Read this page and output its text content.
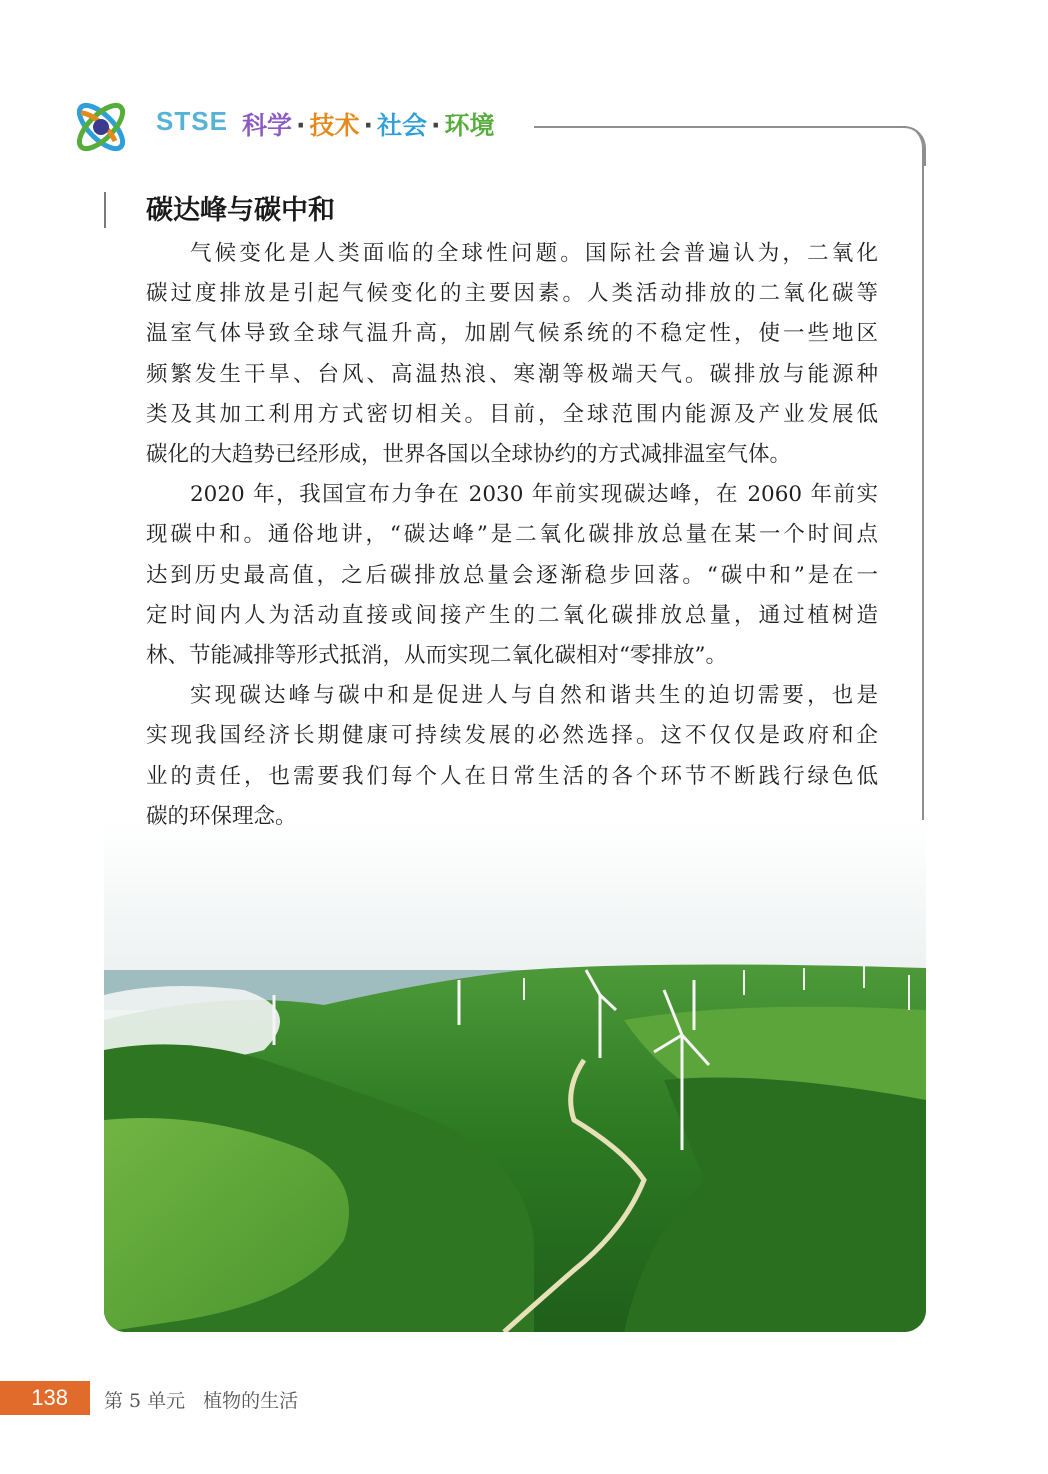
STSE 科学 · 技术 · 社会 · 环境
碳达峰与碳中和
气候变化是人类面临的全球性问题。国际社会普遍认为，二氧化
碳过度排放是引起气候变化的主要因素。人类活动排放的二氧化碳等
温室气体导致全球气温升高，加剧气候系统的不稳定性，使一些地区
频繁发生干旱、台风、高温热浪、寒潮等极端天气。碳排放与能源种
类及其加工利用方式密切相关。目前，全球范围内能源及产业发展低
碳化的大趋势已经形成，世界各国以全球协约的方式减排温室气体。
2020 年，我国宣布力争在 2030 年前实现碳达峰，在 2060 年前实
现碳中和。通俗地讲，“碳达峰”是二氧化碳排放总量在某一个时间点
达到历史最高值，之后碳排放总量会逐渐稳步回落。“碳中和”是在一
定时间内人为活动直接或间接产生的二氧化碳排放总量，通过植树造
林、节能减排等形式抵消，从而实现二氧化碳相对“零排放”。
实现碳达峰与碳中和是促进人与自然和谐共生的迫切需要，也是
实现我国经济长期健康可持续发展的必然选择。这不仅仅是政府和企
业的责任，也需要我们每个人在日常生活的各个环节不断践行绿色低
碳的环保理念。
138	第 5 单元 植物的生活
